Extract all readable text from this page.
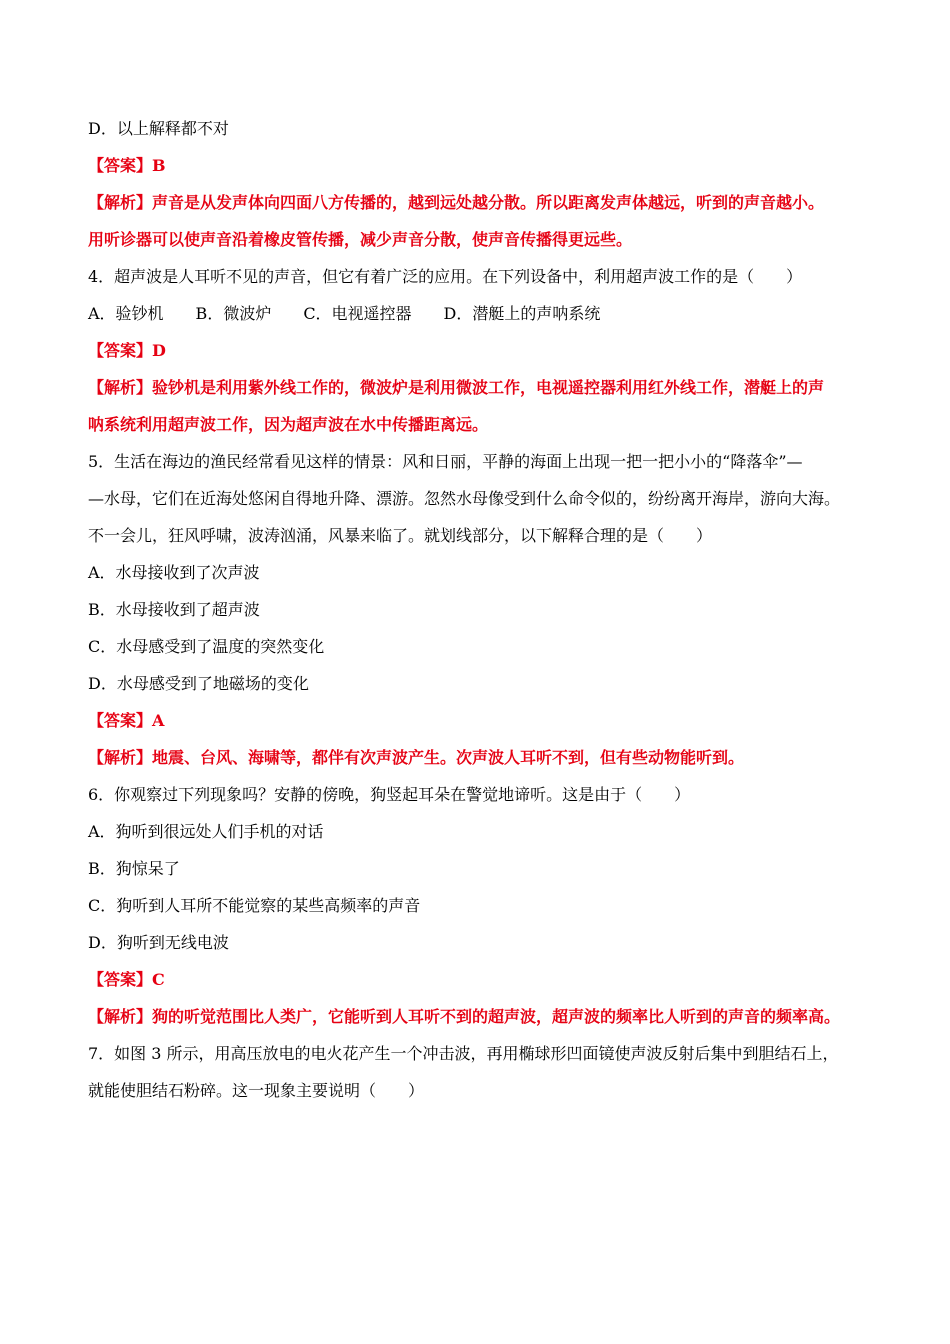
D．以上解释都不对
【答案】B
【解析】声音是从发声体向四面八方传播的，越到远处越分散。所以距离发声体越远，听到的声音越小。
用听诊器可以使声音沿着橡皮管传播，减少声音分散，使声音传播得更远些。
4．超声波是人耳听不见的声音，但它有着广泛的应用。在下列设备中，利用超声波工作的是（　　）
A．验钞机　　B．微波炉　　C．电视遥控器　　D．潜艇上的声呐系统
【答案】D
【解析】验钞机是利用紫外线工作的，微波炉是利用微波工作，电视遥控器利用红外线工作，潜艇上的声
呐系统利用超声波工作，因为超声波在水中传播距离远。
5．生活在海边的渔民经常看见这样的情景：风和日丽，平静的海面上出现一把一把小小的“降落伞”—
—水母，它们在近海处悠闲自得地升降、漂游。忽然水母像受到什么命令似的，纷纷离开海岸，游向大海。
不一会儿，狂风呼啸，波涛汹涌，风暴来临了。就划线部分，以下解释合理的是（　　）
A．水母接收到了次声波
B．水母接收到了超声波
C．水母感受到了温度的突然变化
D．水母感受到了地磁场的变化
【答案】A
【解析】地震、台风、海啸等，都伴有次声波产生。次声波人耳听不到，但有些动物能听到。
6．你观察过下列现象吗？安静的傍晚，狗竖起耳朵在警觉地谛听。这是由于（　　）
A．狗听到很远处人们手机的对话
B．狗惊呆了
C．狗听到人耳所不能觉察的某些高频率的声音
D．狗听到无线电波
【答案】C
【解析】狗的听觉范围比人类广，它能听到人耳听不到的超声波，超声波的频率比人听到的声音的频率高。
7．如图 3 所示，用高压放电的电火花产生一个冲击波，再用椭球形凹面镜使声波反射后集中到胆结石上，
就能使胆结石粉碎。这一现象主要说明（　　）
